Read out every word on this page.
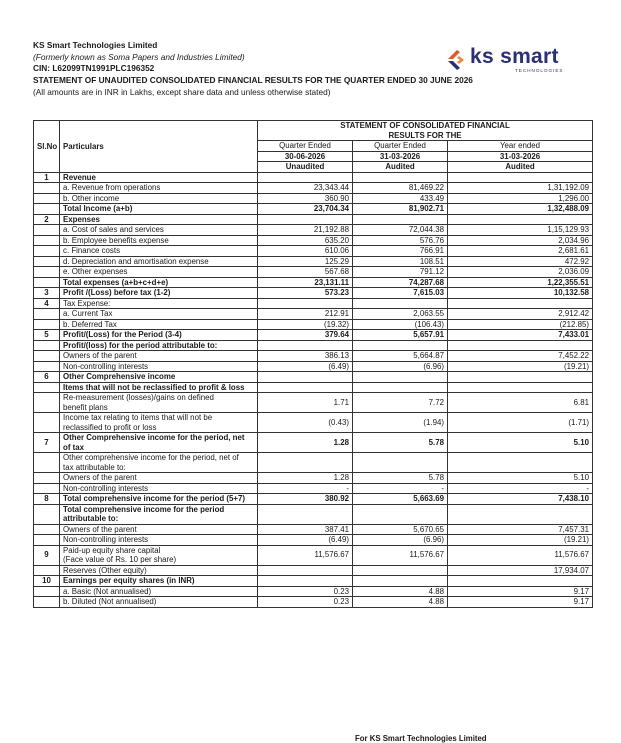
KS Smart Technologies Limited
(Formerly known as Soma Papers and Industries Limited)
CIN: L62099TN1991PLC196352
STATEMENT OF UNAUDITED CONSOLIDATED FINANCIAL RESULTS FOR THE QUARTER ENDED 30 JUNE 2026
(All amounts are in INR in Lakhs, except share data and unless otherwise stated)
ks smart
TECHNOLOGIES
Sl.No	Particulars	STATEMENT OF CONSOLIDATED FINANCIAL		
		RESULTS FOR THE		
		Quarter Ended	Quarter Ended	Year ended
		30-06-2026	31-03-2026	31-03-2026
		Unaudited	Audited	Audited
1	Revenue			
	a. Revenue from operations	23,343.44	81,469.22	1,31,192.09
	b. Other income	360.90	433.49	1,296.00
	Total Income (a+b)	23,704.34	81,902.71	1,32,488.09
2	Expenses			
	a. Cost of sales and services	21,192.88	72,044.38	1,15,129.93
	b. Employee benefits expense	635.20	576.76	2,034.96
	c. Finance costs	610.06	766.91	2,681.61
	d. Depreciation and amortisation expense	125.29	108.51	472.92
	e. Other expenses	567.68	791.12	2,036.09
	Total expenses (a+b+c+d+e)	23,131.11	74,287.68	1,22,355.51
3	Profit /(Loss) before tax (1-2)	573.23	7,615.03	10,132.58
4	Tax Expense:			
	a. Current Tax	212.91	2,063.55	2,912.42
	b. Deferred Tax	(19.32)	(106.43)	(212.85)
5	Profit/(Loss) for the Period (3-4)	379.64	5,657.91	7,433.01
	Profit/(loss) for the period attributable to:			
	Owners of the parent	386.13	5,664.87	7,452.22
	Non-controlling interests	(6.49)	(6.96)	(19.21)
6	Other Comprehensive income			
	Items that will not be reclassified to profit & loss			

	Re-measurement (losses)/gains on defined
benefit plans	1.71	7.72	6.81

	Income tax relating to items that will not be
reclassified to profit or loss	(0.43)	(1.94)	(1.71)
7	Other Comprehensive income for the period, net
of tax	1.28	5.78	5.10

	Other comprehensive income for the period, net of
tax attributable to:			

	Owners of the parent	1.28	5.78	5.10
	Non-controlling interests	-	-	-
8	Total comprehensive income for the period (5+7)	380.92	5,663.69	7,438.10

	Total comprehensive income for the period
attributable to:			

	Owners of the parent	387.41	5,670.65	7,457.31
	Non-controlling interests	(6.49)	(6.96)	(19.21)
9	Paid-up equity share capital
(Face value of Rs. 10 per share)	11,576.67	11,576.67	11,576.67
	Reserves (Other equity)			17,934.07
10	Earnings per equity shares (in INR)			
	a. Basic (Not annualised)	0.23	4.88	9.17
	b. Diluted (Not annualised)	0.23	4.88	9.17
For KS Smart Technologies Limited
